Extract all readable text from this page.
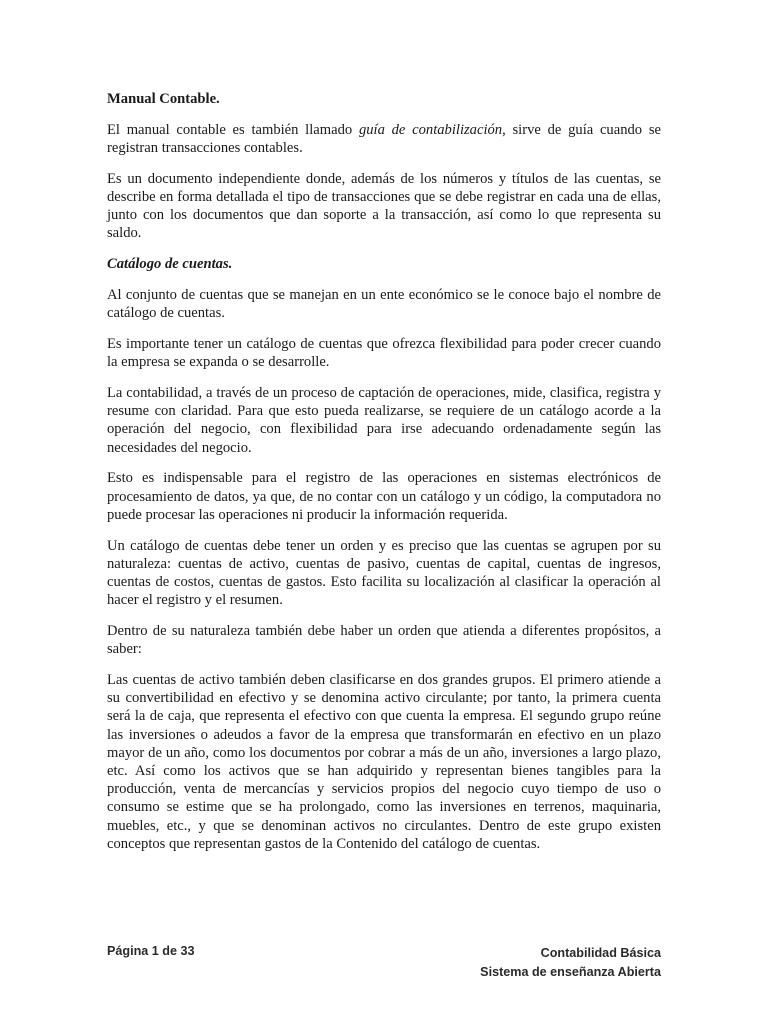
Manual Contable.

El manual contable es también llamado guía de contabilización, sirve de guía cuando se registran transacciones contables.

Es un documento independiente donde, además de los números y títulos de las cuentas, se describe en forma detallada el tipo de transacciones que se debe registrar en cada una de ellas, junto con los documentos que dan soporte a la transacción, así como lo que representa su saldo.

Catálogo de cuentas.

Al conjunto de cuentas que se manejan en un ente económico se le conoce bajo el nombre de catálogo de cuentas.

Es importante tener un catálogo de cuentas que ofrezca flexibilidad para poder crecer cuando la empresa se expanda o se desarrolle.

La contabilidad, a través de un proceso de captación de operaciones, mide, clasifica, registra y resume con claridad. Para que esto pueda realizarse, se requiere de un catálogo acorde a la operación del negocio, con flexibilidad para irse adecuando ordenadamente según las necesidades del negocio.

Esto es indispensable para el registro de las operaciones en sistemas electrónicos de procesamiento de datos, ya que, de no contar con un catálogo y un código, la computadora no puede procesar las operaciones ni producir la información requerida.

Un catálogo de cuentas debe tener un orden y es preciso que las cuentas se agrupen por su naturaleza: cuentas de activo, cuentas de pasivo, cuentas de capital, cuentas de ingresos, cuentas de costos, cuentas de gastos. Esto facilita su localización al clasificar la operación al hacer el registro y el resumen.

Dentro de su naturaleza también debe haber un orden que atienda a diferentes propósitos, a saber:

Las cuentas de activo también deben clasificarse en dos grandes grupos. El primero atiende a su convertibilidad en efectivo y se denomina activo circulante; por tanto, la primera cuenta será la de caja, que representa el efectivo con que cuenta la empresa. El segundo grupo reúne las inversiones o adeudos a favor de la empresa que transformarán en efectivo en un plazo mayor de un año, como los documentos por cobrar a más de un año, inversiones a largo plazo, etc. Así como los activos que se han adquirido y representan bienes tangibles para la producción, venta de mercancías y servicios propios del negocio cuyo tiempo de uso o consumo se estime que se ha prolongado, como las inversiones en terrenos, maquinaria, muebles, etc., y que se denominan activos no circulantes. Dentro de este grupo existen conceptos que representan gastos de la Contenido del catálogo de cuentas.

Página 1 de 33	Contabilidad Básica
Sistema de enseñanza Abierta
